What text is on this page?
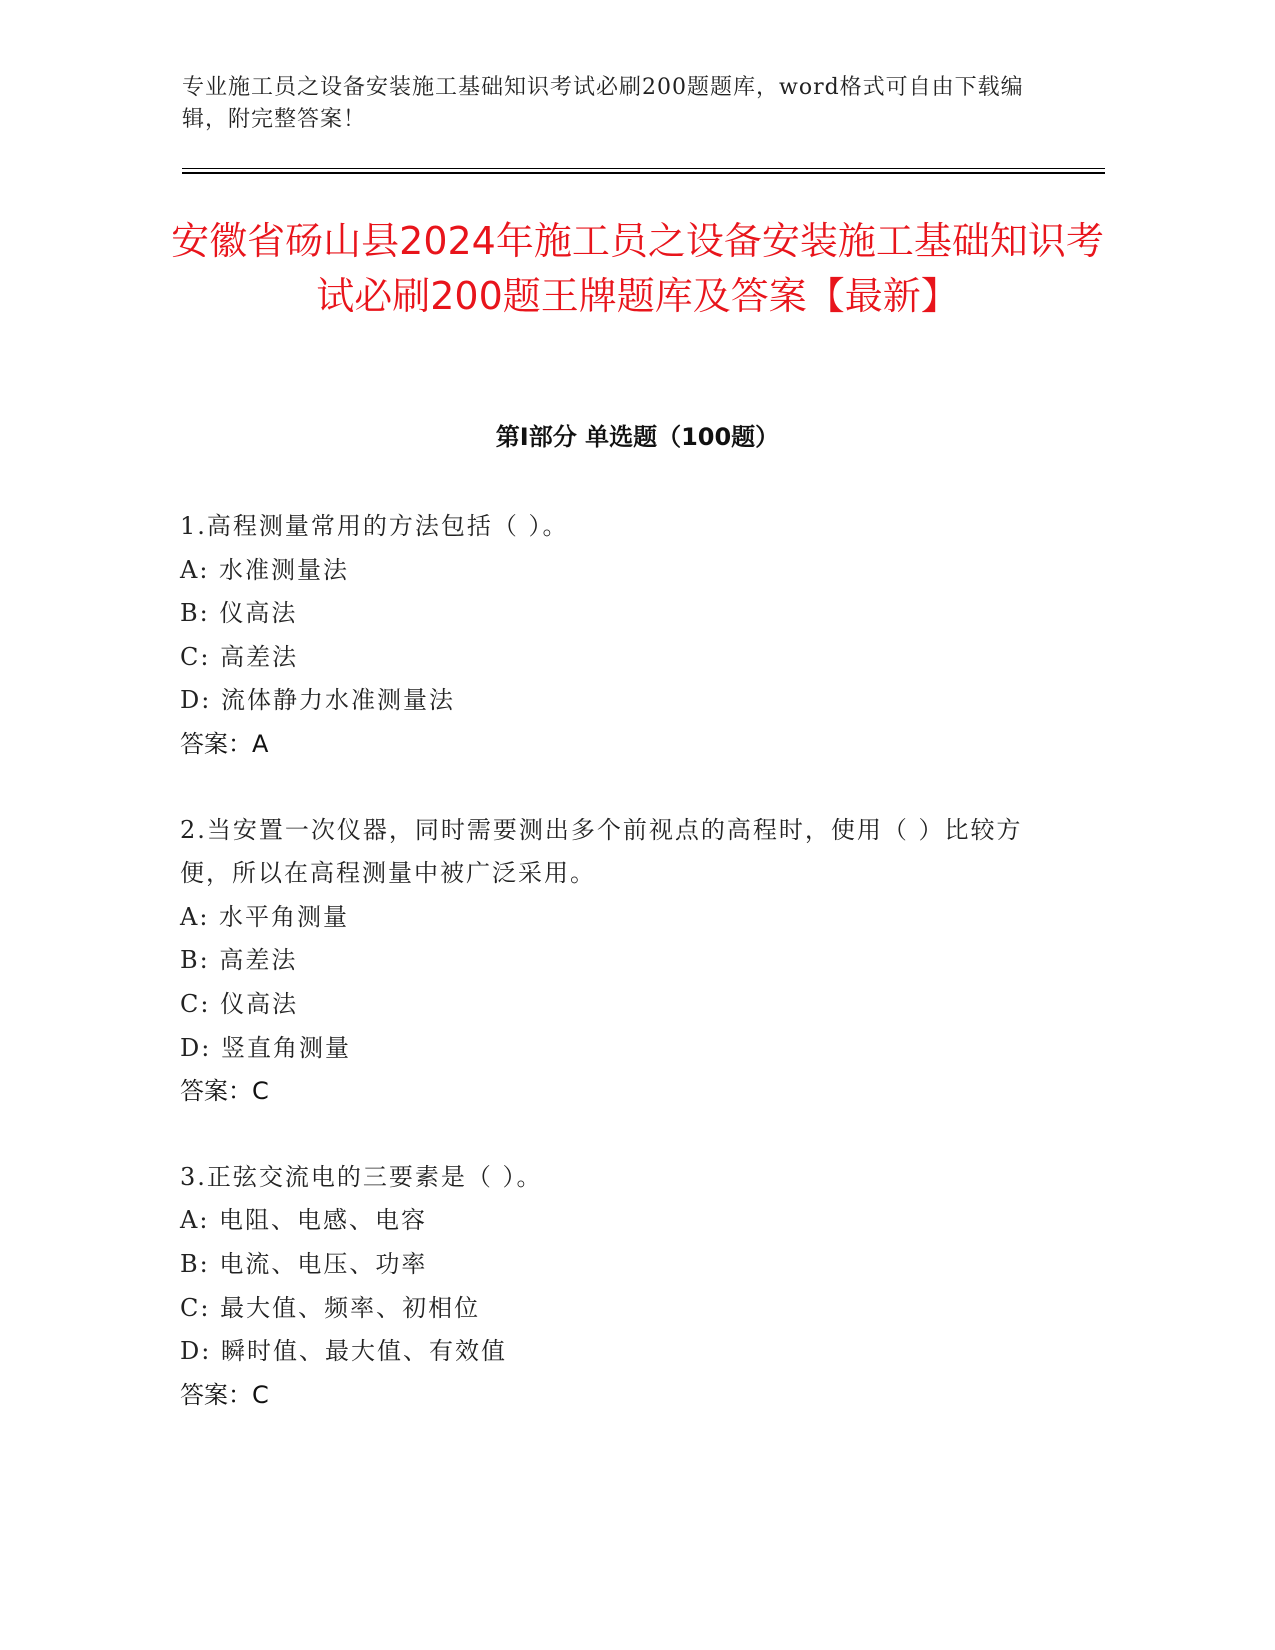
专业施工员之设备安装施工基础知识考试必刷200题题库，word格式可自由下载编辑，附完整答案！
安徽省砀山县2024年施工员之设备安装施工基础知识考试必刷200题王牌题库及答案【最新】
第Ⅰ部分 单选题（100题）

1.高程测量常用的方法包括（ ）。

A: 水准测量法

B: 仪高法

C: 高差法

D: 流体静力水准测量法

答案：A

2.当安置一次仪器，同时需要测出多个前视点的高程时，使用（ ）比较方便，所以在高程测量中被广泛采用。

A: 水平角测量

B: 高差法

C: 仪高法

D: 竖直角测量

答案：C

3.正弦交流电的三要素是（ ）。

A: 电阻、电感、电容

B: 电流、电压、功率

C: 最大值、频率、初相位

D: 瞬时值、最大值、有效值

答案：C
